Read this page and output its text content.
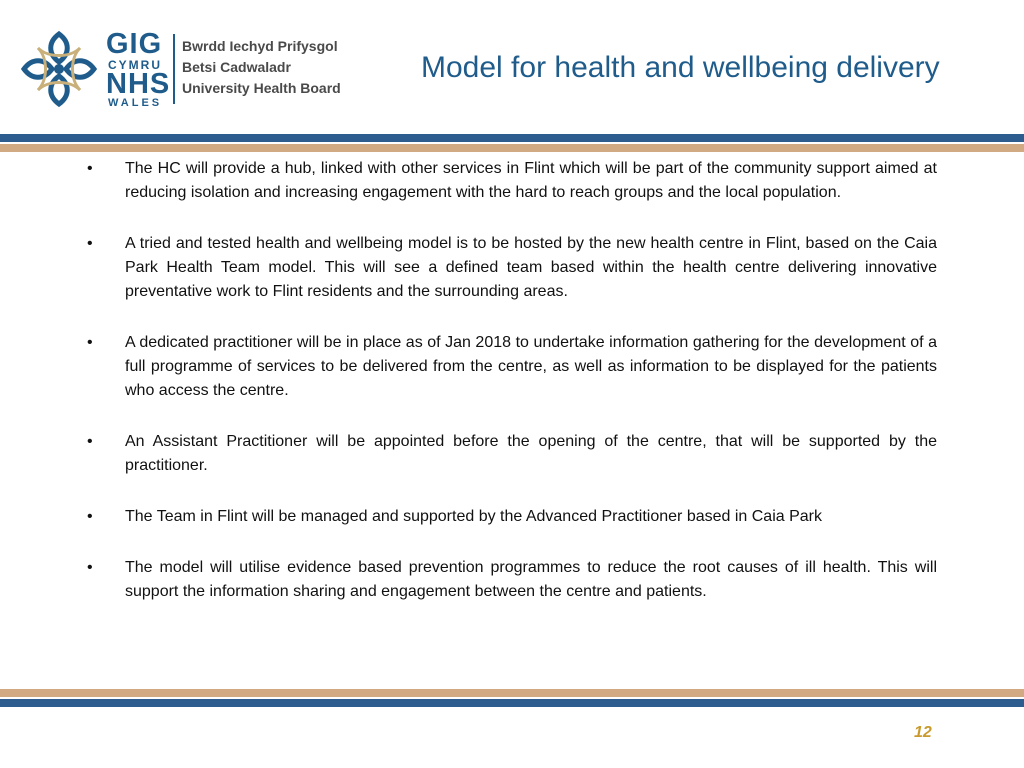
GIG
CYMRU
NHS
WALES
Bwrdd Iechyd Prifysgol
Betsi Cadwaladr
University Health Board
Model for health and wellbeing delivery
• The HC will provide a hub, linked with other services in Flint which will be part of the community support aimed at reducing isolation and increasing engagement with the hard to reach groups and the local population.
• A tried and tested health and wellbeing model is to be hosted by the new health centre in Flint, based on the Caia Park Health Team model. This will see a defined team based within the health centre delivering innovative preventative work to Flint residents and the surrounding areas.
• A dedicated practitioner will be in place as of Jan 2018 to undertake information gathering for the development of a full programme of services to be delivered from the centre, as well as information to be displayed for the patients who access the centre.
• An Assistant Practitioner will be appointed before the opening of the centre, that will be supported by the practitioner.
• The Team in Flint will be managed and supported by the Advanced Practitioner based in Caia Park
• The model will utilise evidence based prevention programmes to reduce the root causes of ill health. This will support the information sharing and engagement between the centre and patients.
12
